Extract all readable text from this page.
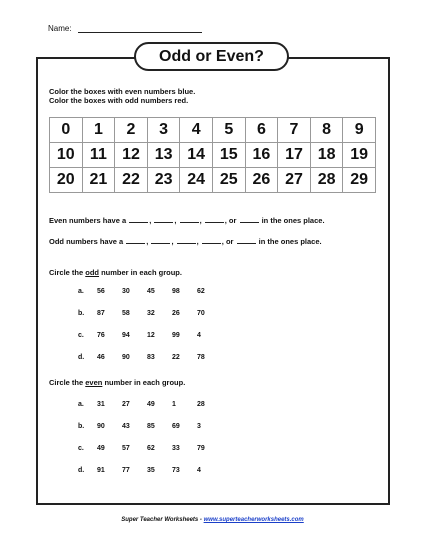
Name:
Odd or Even?
Color the boxes with even numbers blue.
Color the boxes with odd numbers red.
0	1	2	3	4	5	6	7	8	9
10 11 12 13 14 15 16 17 18 19
20 21 22 23 24 25 26 27 28 29
Even numbers have a	,	,	,	, or	in the ones place.
Odd numbers have a	,	,	,	, or	in the ones place.
Circle the odd number in each group.
a.	56	30	45	98	62
b.	87	58	32	26	70
c.	76	94	12	99	4
d.	46	90	83	22	78
Circle the even number in each group.
a.	31	27	49	1	28
b.	90	43	85	69	3
c.	49	57	62	33	79
d.	91	77	35	73	4
Super Teacher Worksheets - www.superteacherworksheets.com
